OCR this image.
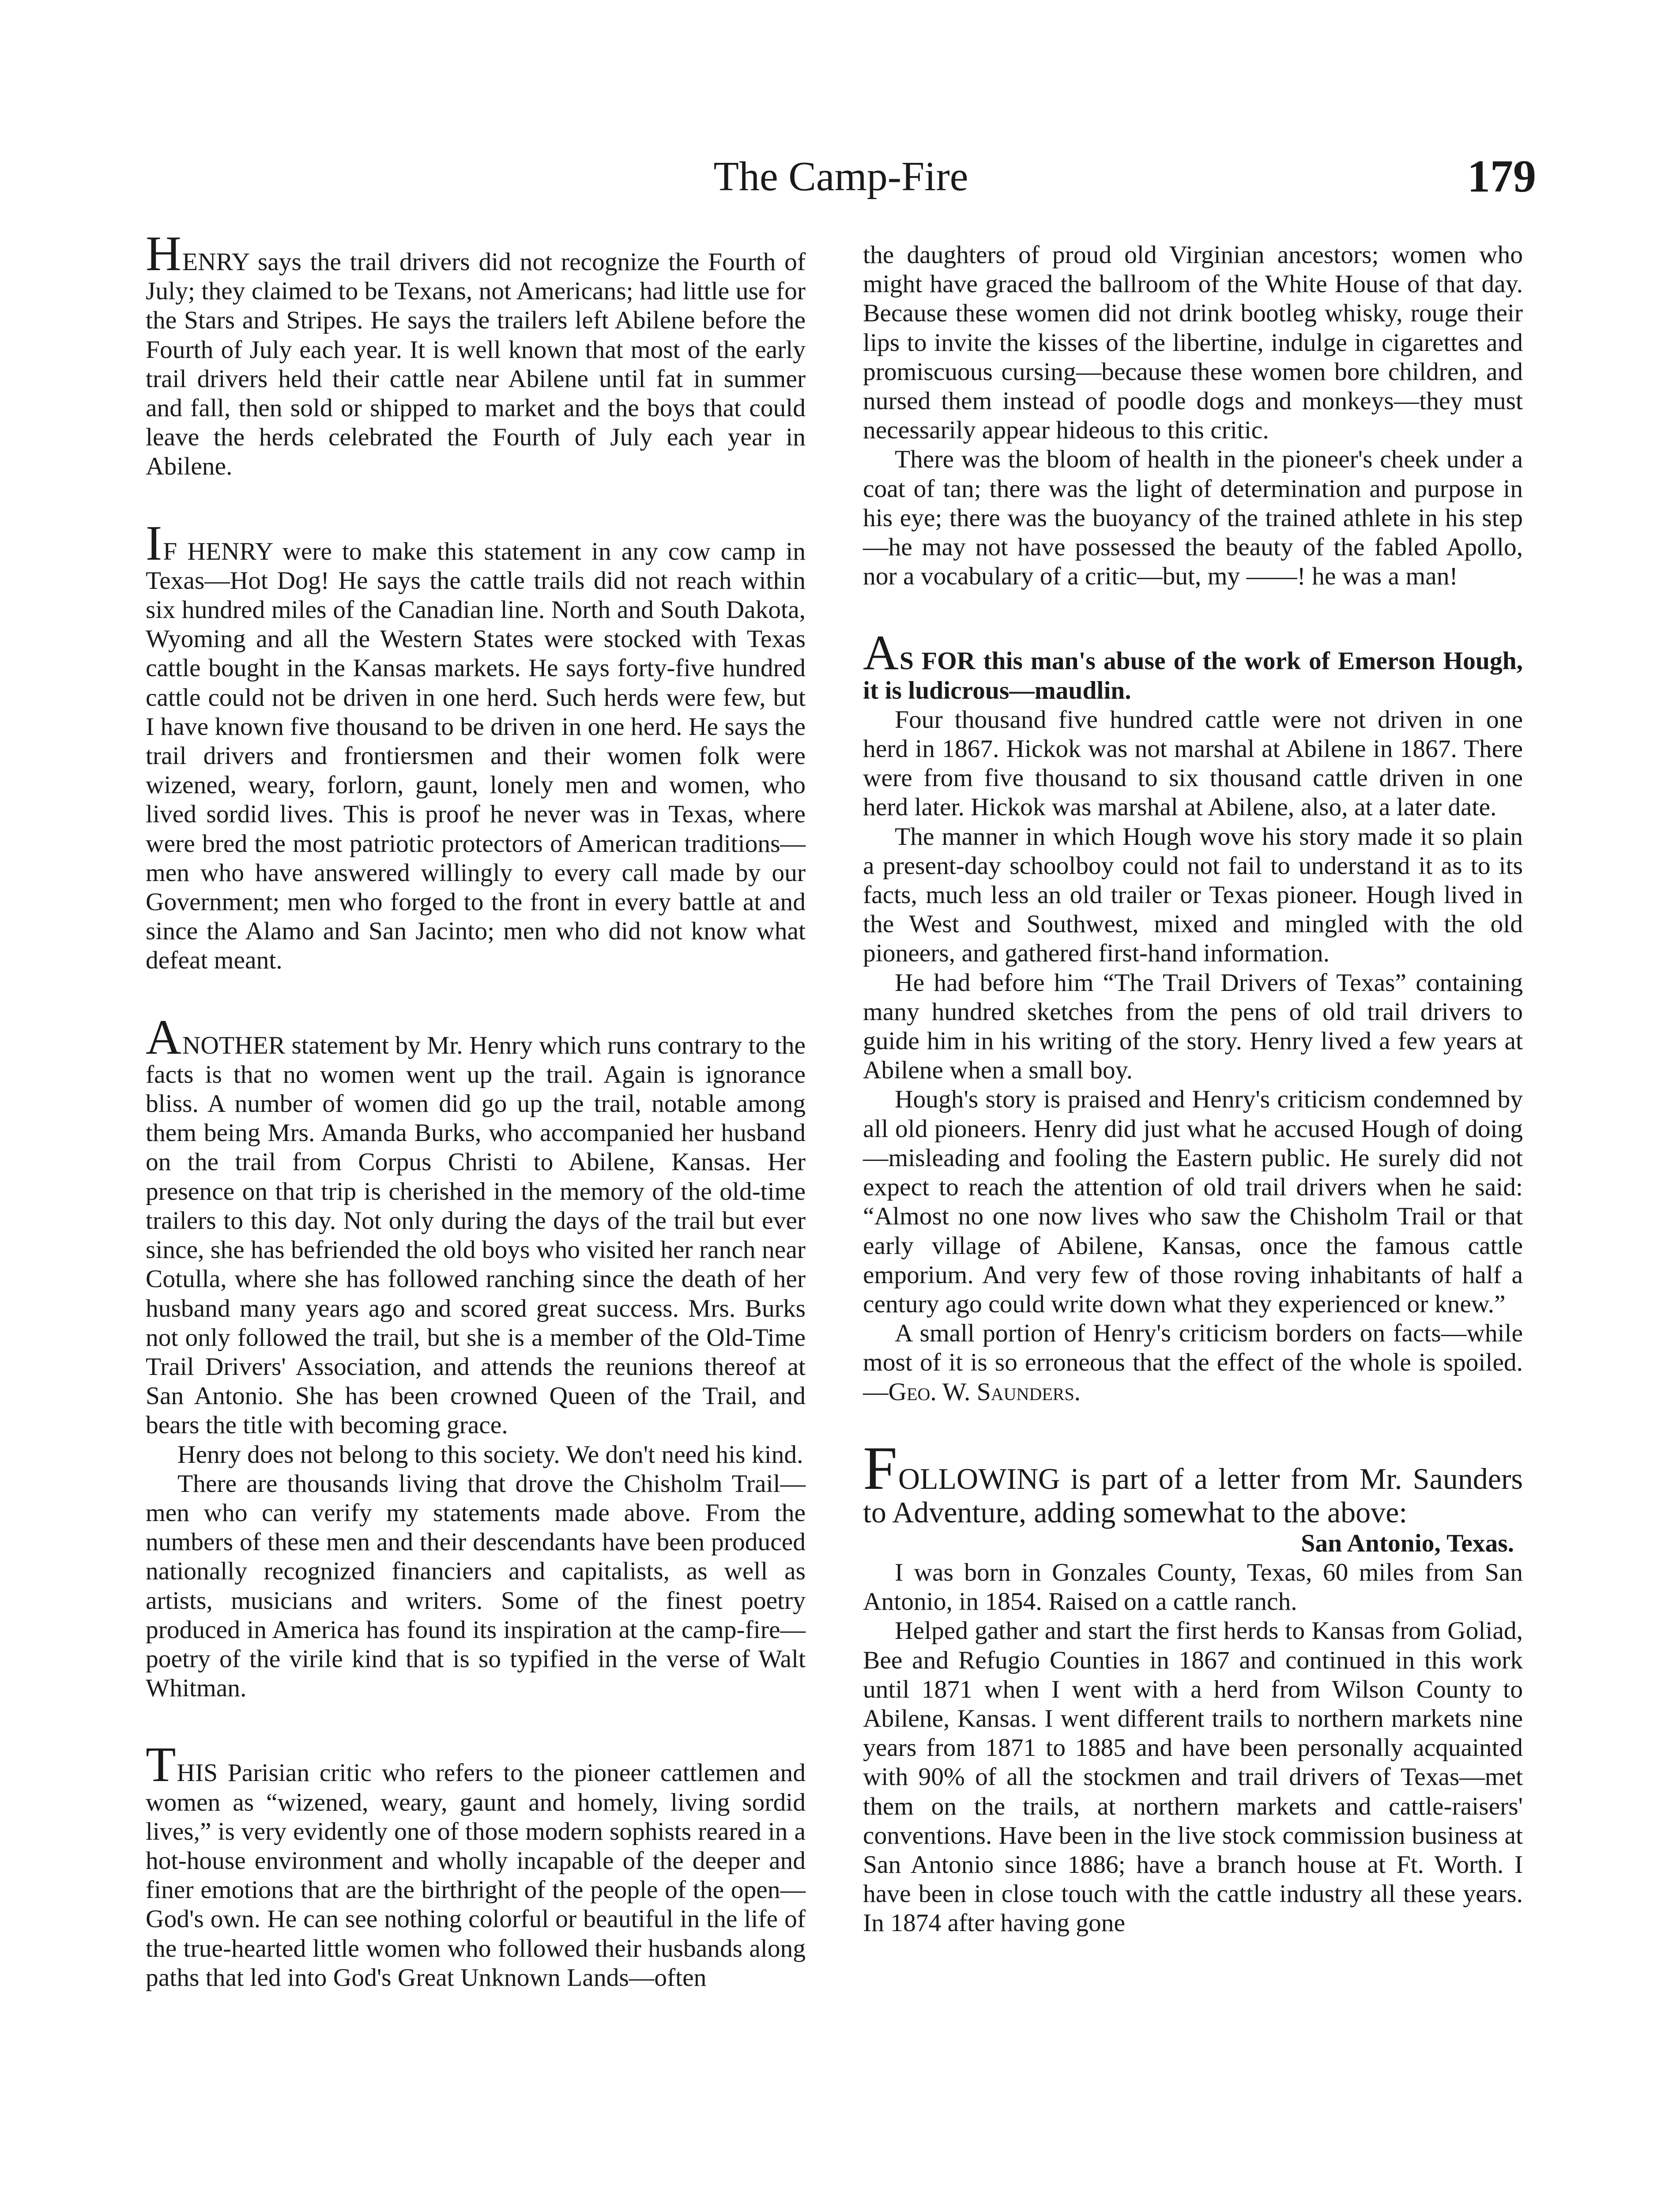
The Camp-Fire	179

HENRY says the trail drivers did not recognize the Fourth of July; they claimed to be Texans, not Americans; had little use for the Stars and Stripes. He says the trailers left Abilene before the Fourth of July each year. It is well known that most of the early trail drivers held their cattle near Abilene until fat in summer and fall, then sold or shipped to market and the boys that could leave the herds celebrated the Fourth of July each year in Abilene.

IF HENRY were to make this statement in any cow camp in Texas—Hot Dog! He says the cattle trails did not reach within six hundred miles of the Canadian line. North and South Dakota, Wyoming and all the Western States were stocked with Texas cattle bought in the Kansas markets. He says forty-five hundred cattle could not be driven in one herd. Such herds were few, but I have known five thousand to be driven in one herd. He says the trail drivers and frontiersmen and their women folk were wizened, weary, forlorn, gaunt, lonely men and women, who lived sordid lives. This is proof he never was in Texas, where were bred the most patriotic protectors of American traditions—men who have answered willingly to every call made by our Government; men who forged to the front in every battle at and since the Alamo and San Jacinto; men who did not know what defeat meant.

ANOTHER statement by Mr. Henry which runs contrary to the facts is that no women went up the trail. Again is ignorance bliss. A number of women did go up the trail, notable among them being Mrs. Amanda Burks, who accompanied her husband on the trail from Corpus Christi to Abilene, Kansas. Her presence on that trip is cherished in the memory of the old-time trailers to this day. Not only during the days of the trail but ever since, she has befriended the old boys who visited her ranch near Cotulla, where she has followed ranching since the death of her husband many years ago and scored great success. Mrs. Burks not only followed the trail, but she is a member of the Old-Time Trail Drivers' Association, and attends the reunions thereof at San Antonio. She has been crowned Queen of the Trail, and bears the title with becoming grace.

Henry does not belong to this society. We don't need his kind.

There are thousands living that drove the Chisholm Trail—men who can verify my statements made above. From the numbers of these men and their descendants have been produced nationally recognized financiers and capitalists, as well as artists, musicians and writers. Some of the finest poetry produced in America has found its inspiration at the camp-fire—poetry of the virile kind that is so typified in the verse of Walt Whitman.

THIS Parisian critic who refers to the pioneer cattlemen and women as “wizened, weary, gaunt and homely, living sordid lives,” is very evidently one of those modern sophists reared in a hot-house environment and wholly incapable of the deeper and finer emotions that are the birthright of the people of the open—God's own. He can see nothing colorful or beautiful in the life of the true-hearted little women who followed their husbands along paths that led into God's Great Unknown Lands—often

the daughters of proud old Virginian ancestors; women who might have graced the ballroom of the White House of that day. Because these women did not drink bootleg whisky, rouge their lips to invite the kisses of the libertine, indulge in cigarettes and promiscuous cursing—because these women bore children, and nursed them instead of poodle dogs and monkeys—they must necessarily appear hideous to this critic.

There was the bloom of health in the pioneer's cheek under a coat of tan; there was the light of determination and purpose in his eye; there was the buoyancy of the trained athlete in his step—he may not have possessed the beauty of the fabled Apollo, nor a vocabulary of a critic—but, my ——! he was a man!

AS FOR this man's abuse of the work of Emerson Hough, it is ludicrous—maudlin.

Four thousand five hundred cattle were not driven in one herd in 1867. Hickok was not marshal at Abilene in 1867. There were from five thousand to six thousand cattle driven in one herd later. Hickok was marshal at Abilene, also, at a later date.

The manner in which Hough wove his story made it so plain a present-day schoolboy could not fail to understand it as to its facts, much less an old trailer or Texas pioneer. Hough lived in the West and Southwest, mixed and mingled with the old pioneers, and gathered first-hand information.

He had before him “The Trail Drivers of Texas” containing many hundred sketches from the pens of old trail drivers to guide him in his writing of the story. Henry lived a few years at Abilene when a small boy.

Hough's story is praised and Henry's criticism condemned by all old pioneers. Henry did just what he accused Hough of doing—misleading and fooling the Eastern public. He surely did not expect to reach the attention of old trail drivers when he said: “Almost no one now lives who saw the Chisholm Trail or that early village of Abilene, Kansas, once the famous cattle emporium. And very few of those roving inhabitants of half a century ago could write down what they experienced or knew.”

A small portion of Henry's criticism borders on facts—while most of it is so erroneous that the effect of the whole is spoiled.—Geo. W. Saunders.

FOLLOWING is part of a letter from Mr. Saunders to Adventure, adding somewhat to the above:

San Antonio, Texas.

I was born in Gonzales County, Texas, 60 miles from San Antonio, in 1854. Raised on a cattle ranch.

Helped gather and start the first herds to Kansas from Goliad, Bee and Refugio Counties in 1867 and continued in this work until 1871 when I went with a herd from Wilson County to Abilene, Kansas. I went different trails to northern markets nine years from 1871 to 1885 and have been personally acquainted with 90% of all the stockmen and trail drivers of Texas—met them on the trails, at northern markets and cattle-raisers' conventions. Have been in the live stock commission business at San Antonio since 1886; have a branch house at Ft. Worth. I have been in close touch with the cattle industry all these years. In 1874 after having gone
